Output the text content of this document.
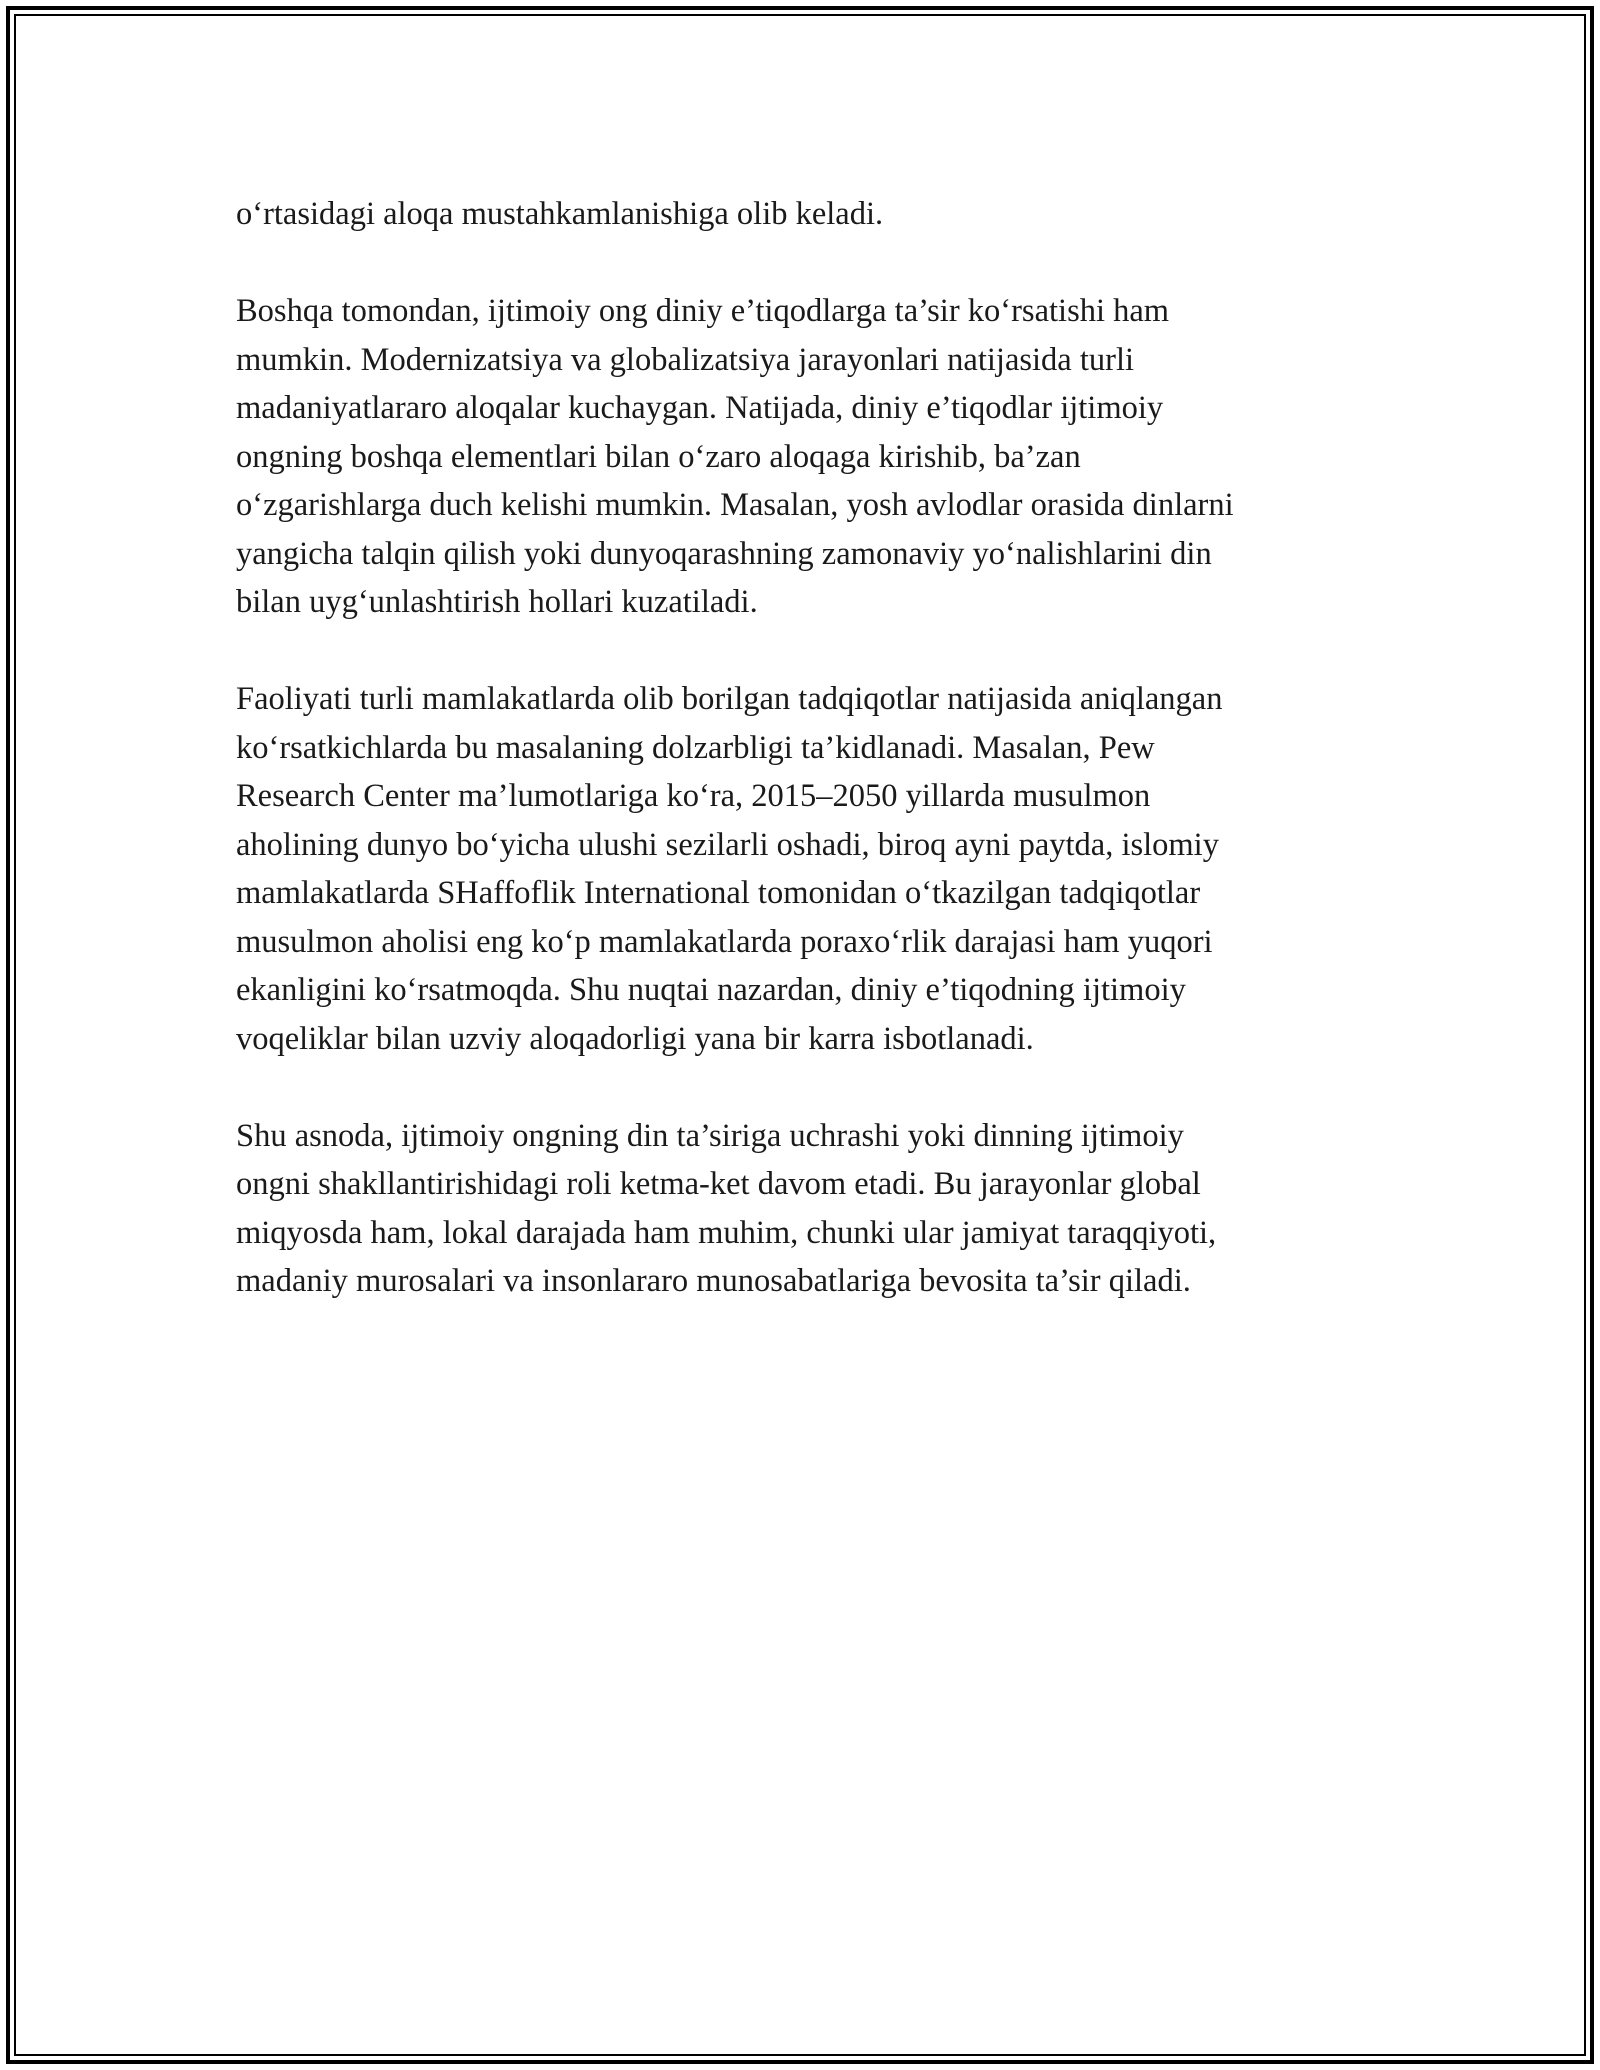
o‘rtasidagi aloqa mustahkamlanishiga olib keladi.

Boshqa tomondan, ijtimoiy ong diniy e’tiqodlarga ta’sir ko‘rsatishi ham
mumkin. Modernizatsiya va globalizatsiya jarayonlari natijasida turli
madaniyatlararo aloqalar kuchaygan. Natijada, diniy e’tiqodlar ijtimoiy
ongning boshqa elementlari bilan o‘zaro aloqaga kirishib, ba’zan
o‘zgarishlarga duch kelishi mumkin. Masalan, yosh avlodlar orasida dinlarni
yangicha talqin qilish yoki dunyoqarashning zamonaviy yo‘nalishlarini din
bilan uyg‘unlashtirish hollari kuzatiladi.

Faoliyati turli mamlakatlarda olib borilgan tadqiqotlar natijasida aniqlangan
ko‘rsatkichlarda bu masalaning dolzarbligi ta’kidlanadi. Masalan, Pew
Research Center ma’lumotlariga ko‘ra, 2015–2050 yillarda musulmon
aholining dunyo bo‘yicha ulushi sezilarli oshadi, biroq ayni paytda, islomiy
mamlakatlarda SHaffoflik International tomonidan o‘tkazilgan tadqiqotlar
musulmon aholisi eng ko‘p mamlakatlarda poraxo‘rlik darajasi ham yuqori
ekanligini ko‘rsatmoqda. Shu nuqtai nazardan, diniy e’tiqodning ijtimoiy
voqeliklar bilan uzviy aloqadorligi yana bir karra isbotlanadi.

Shu asnoda, ijtimoiy ongning din ta’siriga uchrashi yoki dinning ijtimoiy
ongni shakllantirishidagi roli ketma-ket davom etadi. Bu jarayonlar global
miqyosda ham, lokal darajada ham muhim, chunki ular jamiyat taraqqiyoti,
madaniy murosalari va insonlararo munosabatlariga bevosita ta’sir qiladi.
